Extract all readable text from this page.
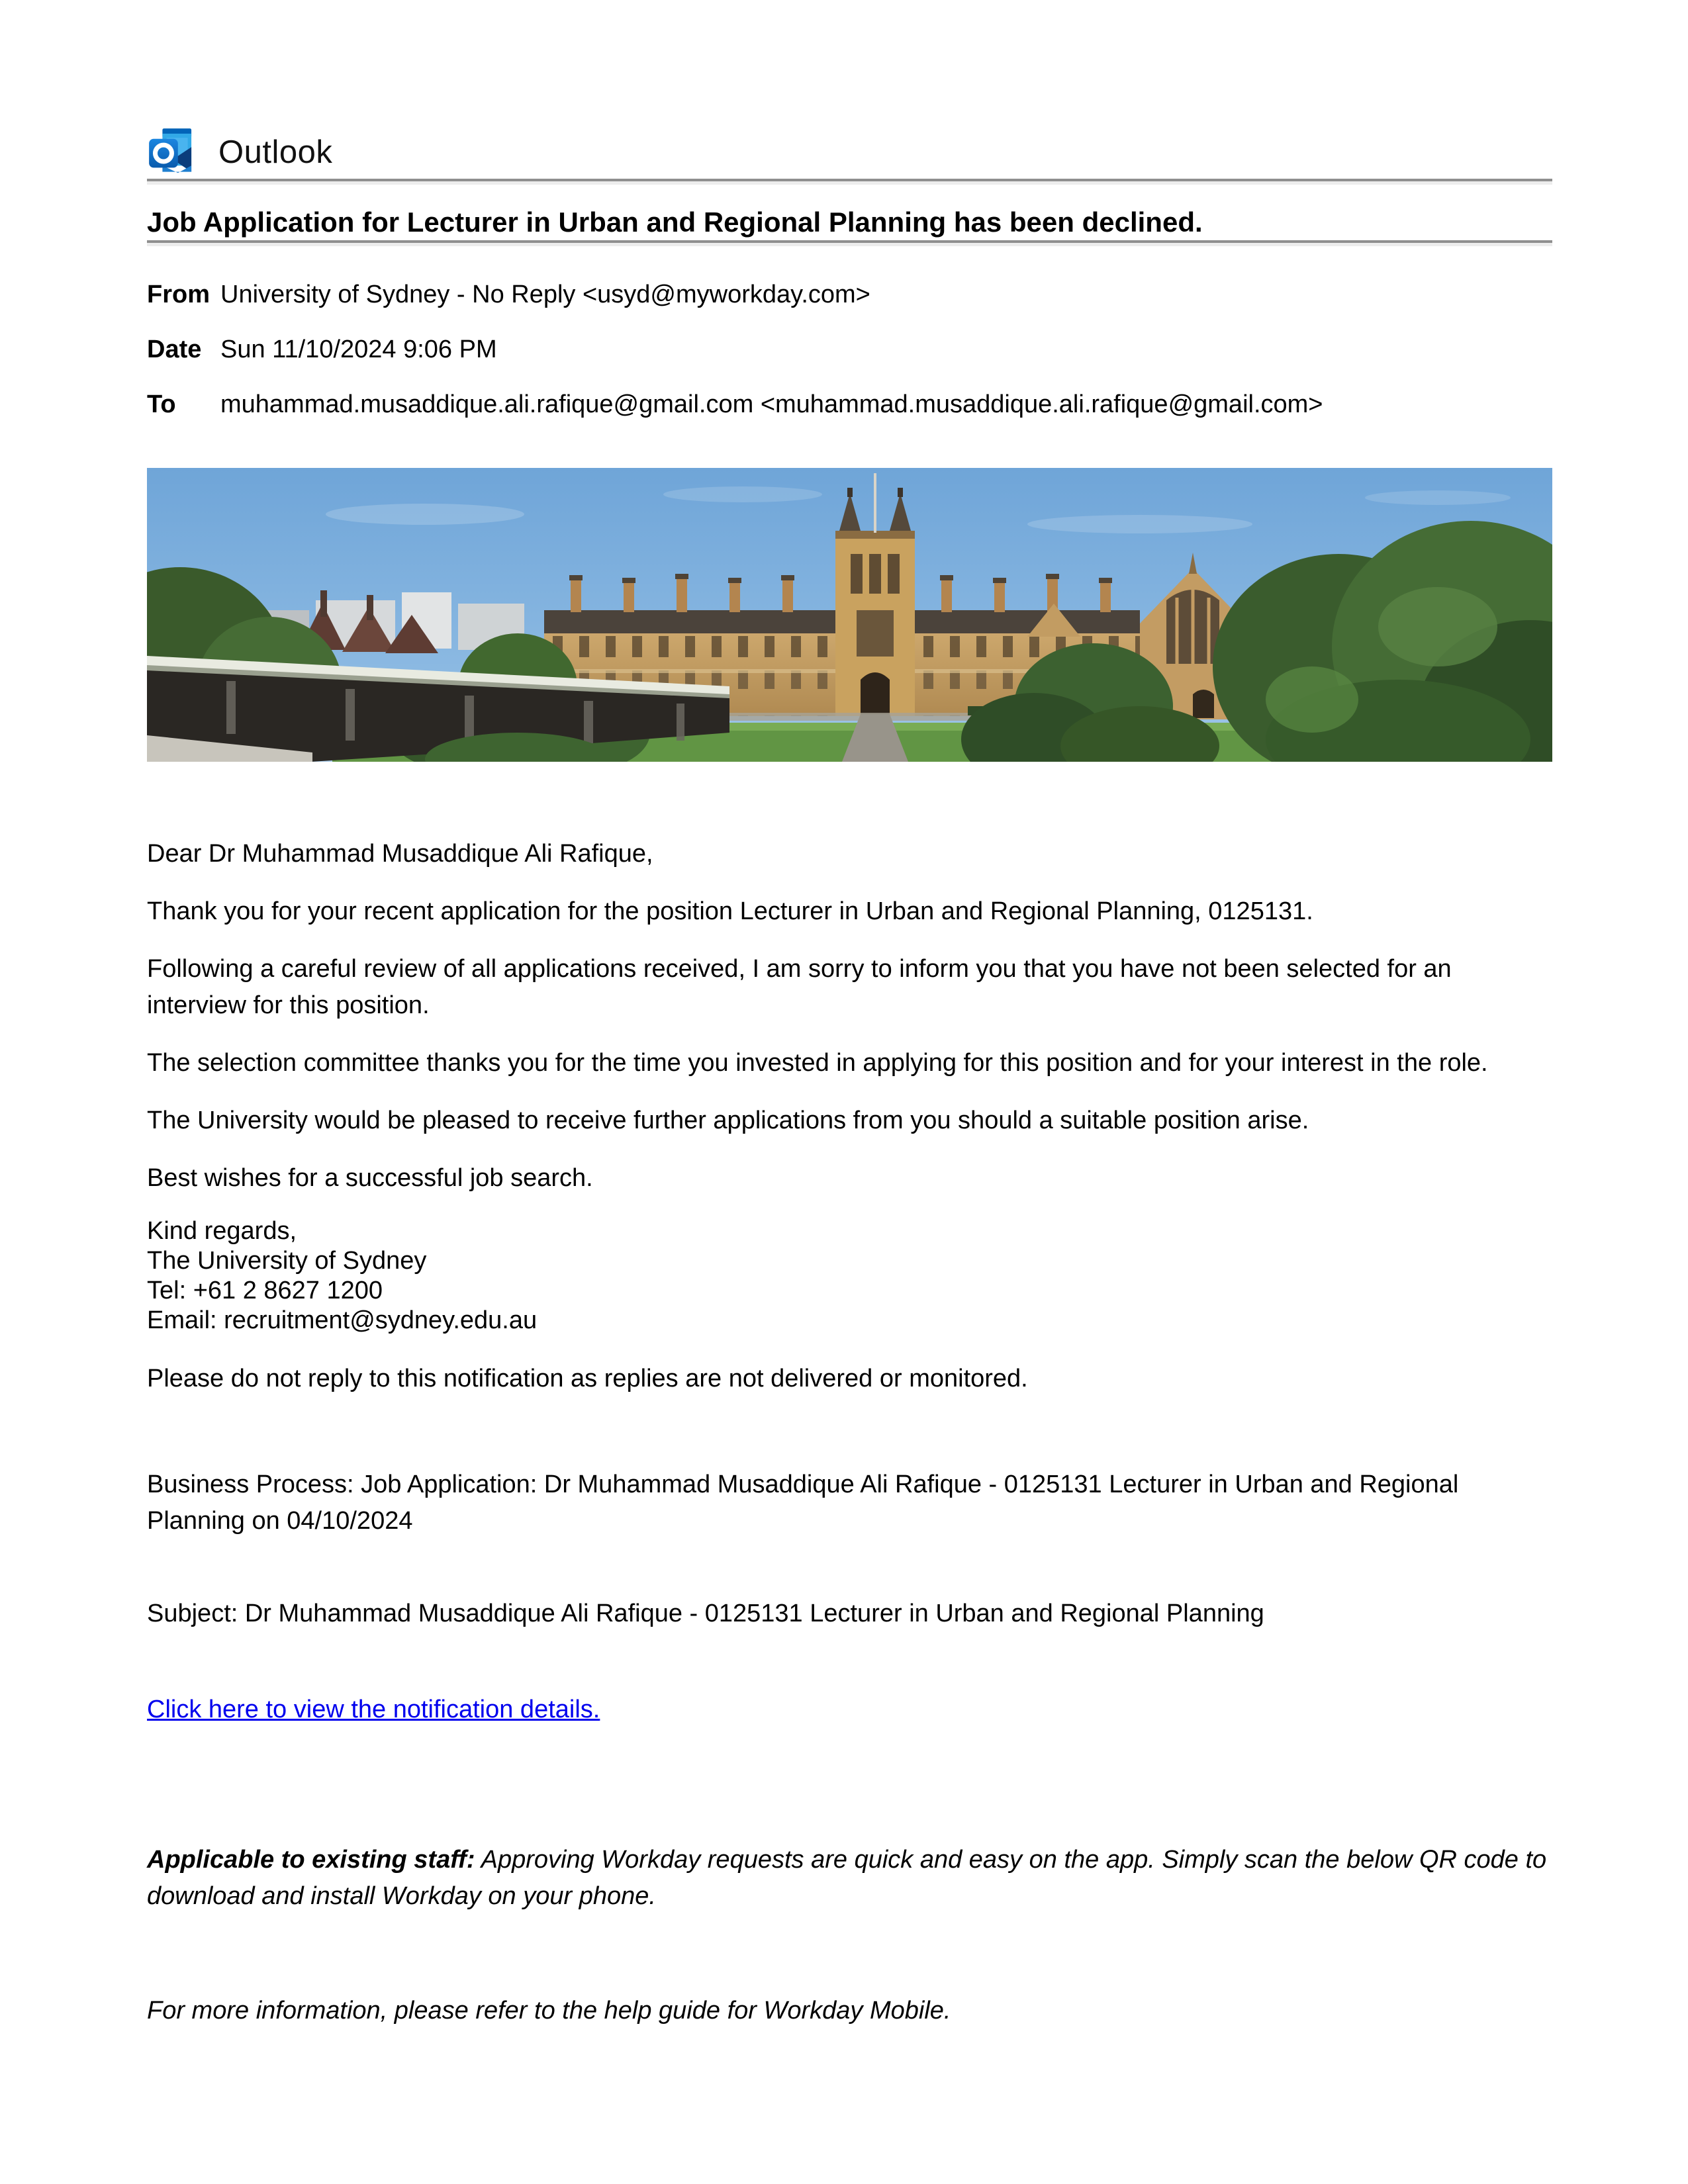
Outlook
Job Application for Lecturer in Urban and Regional Planning has been declined.
From University of Sydney - No Reply <usyd@myworkday.com>
Date Sun 11/10/2024 9:06 PM
To	muhammad.musaddique.ali.rafique@gmail.com <muhammad.musaddique.ali.rafique@gmail.com>

Dear Dr Muhammad Musaddique Ali Rafique,

Thank you for your recent application for the position Lecturer in Urban and Regional Planning, 0125131.

Following a careful review of all applications received, I am sorry to inform you that you have not been selected for an interview for this position.

The selection committee thanks you for the time you invested in applying for this position and for your interest in the role.

The University would be pleased to receive further applications from you should a suitable position arise.

Best wishes for a successful job search.

Kind regards,
The University of Sydney
Tel: +61 2 8627 1200
Email: recruitment@sydney.edu.au

Please do not reply to this notification as replies are not delivered or monitored.

Business Process: Job Application: Dr Muhammad Musaddique Ali Rafique - 0125131 Lecturer in Urban and Regional Planning on 04/10/2024

Subject: Dr Muhammad Musaddique Ali Rafique - 0125131 Lecturer in Urban and Regional Planning

Click here to view the notification details.

Applicable to existing staff: Approving Workday requests are quick and easy on the app. Simply scan the below QR code to download and install Workday on your phone.

For more information, please refer to the help guide for Workday Mobile.
